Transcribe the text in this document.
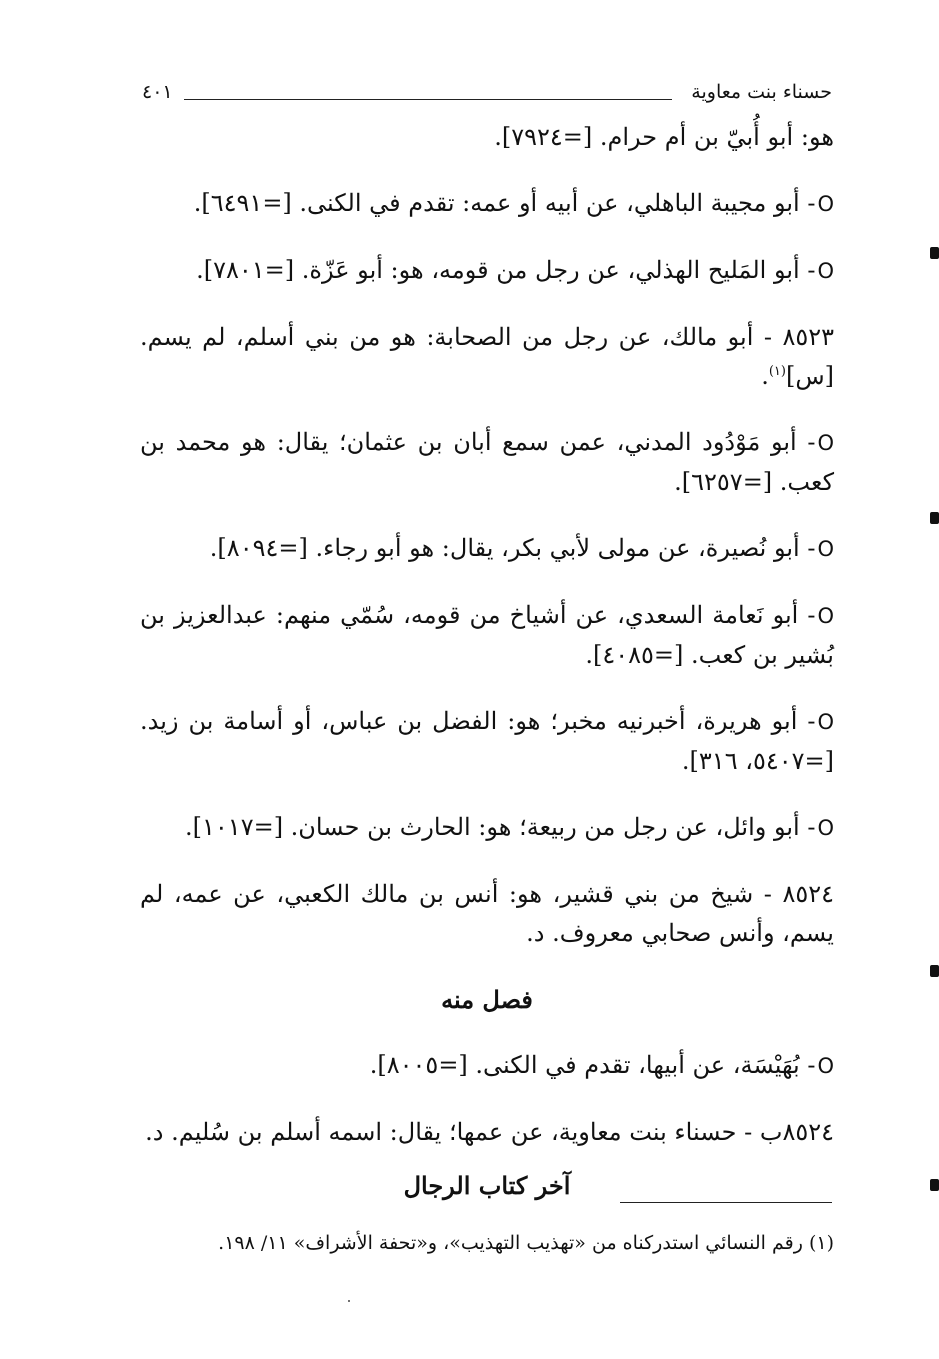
حسناء بنت معاوية
٤٠١

هو: أبو أُبيّ بن أم حرام. [=٧٩٢٤].

O- أبو مجيبة الباهلي، عن أبيه أو عمه: تقدم في الكنى. [=٦٤٩١].

O- أبو المَليح الهذلي، عن رجل من قومه، هو: أبو عَزّة. [=٧٨٠١].

٨٥٢٣ - أبو مالك، عن رجل من الصحابة: هو من بني أسلم، لم يسم. [س]$^{(١)}$.

O- أبو مَوْدُود المدني، عمن سمع أبان بن عثمان؛ يقال: هو محمد بن كعب. [=٦٢٥٧].

O- أبو نُصيرة، عن مولى لأبي بكر، يقال: هو أبو رجاء. [=٨٠٩٤].

O- أبو نَعامة السعدي، عن أشياخ من قومه، سُمّي منهم: عبدالعزيز بن بُشير بن كعب. [=٤٠٨٥].

O- أبو هريرة، أخبرنيه مخبر؛ هو: الفضل بن عباس، أو أسامة بن زيد. [=٥٤٠٧، ٣١٦].

O- أبو وائل، عن رجل من ربيعة؛ هو: الحارث بن حسان. [=١٠١٧].

٨٥٢٤ - شيخ من بني قشير، هو: أنس بن مالك الكعبي، عن عمه، لم يسم، وأنس صحابي معروف. د.

فصل منه

O- بُهَيْسَة، عن أبيها، تقدم في الكنى. [=٨٠٠٥].

٨٥٢٤ب - حسناء بنت معاوية، عن عمها؛ يقال: اسمه أسلم بن سُليم. د.

آخر كتاب الرجال

(١) رقم النسائي استدركناه من «تهذيب التهذيب»، و«تحفة الأشراف» ١١/ ١٩٨.
